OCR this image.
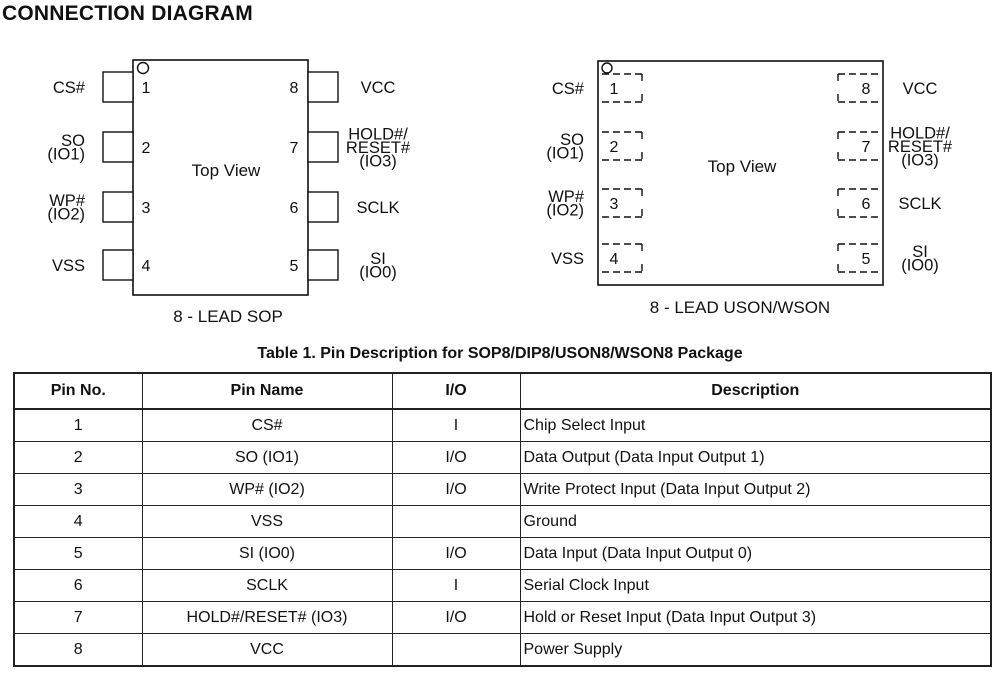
CONNECTION DIAGRAM
1
CS#
2
SO (IO1)
3
WP# (IO2)
4
VSS	5	SI (IO0)
6	SCLK
7
HOLD#/ RESET# (IO3)
8	VCC
Top View
8 - LEAD SOP
1
CS#
2
SO (IO1)
3
WP# (IO2)
4
VSS	5	SI (IO0)
6 SCLK
7
HOLD#/ RESET# (IO3)
8 VCC
Top View
8 - LEAD USON/WSON
Table 1. Pin Description for SOP8/DIP8/USON8/WSON8 Package
Pin No.	Pin Name	I/O	Description
1	CS#	I	Chip Select Input
2	SO (IO1)	I/O	Data Output (Data Input Output 1)
3	WP# (IO2)	I/O	Write Protect Input (Data Input Output 2)
4	VSS		Ground
5	SI (IO0)	I/O	Data Input (Data Input Output 0)
6	SCLK	I	Serial Clock Input
7	HOLD#/RESET# (IO3)	I/O	Hold or Reset Input (Data Input Output 3)
8	VCC		Power Supply
